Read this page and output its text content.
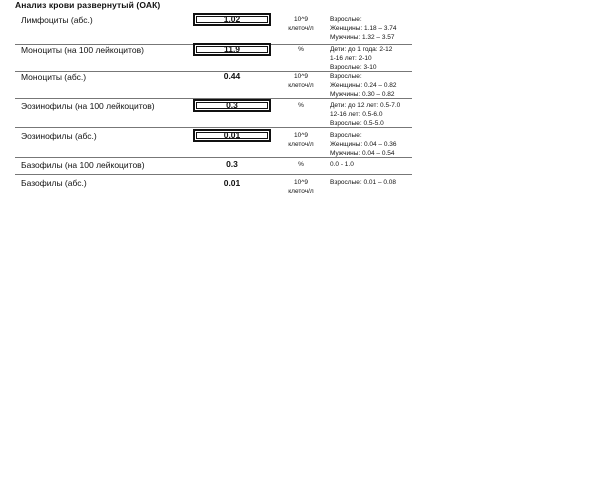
Анализ крови развернутый (ОАК)
Лимфоциты (абс.)	1.02	10^9 клеточ/л
Взрослые:
Женщины: 1.18 – 3.74
Мужчины: 1.32 – 3.57
Моноциты (на 100 лейкоцитов)	11.9	%	Дети: до 1 года: 2-12
1-16 лет: 2-10
Взрослые: 3-10
Моноциты (абс.)	0.44	10^9 клеточ/л
Взрослые:
Женщины: 0.24 – 0.82
Мужчины: 0.30 – 0.82
Эозинофилы (на 100 лейкоцитов)	0.3	%	Дети: до 12 лет: 0.5-7.0
12-16 лет: 0.5-6.0
Взрослые: 0.5-5.0
Эозинофилы (абс.)	0.01	10^9 клеточ/л
Взрослые:
Женщины: 0.04 – 0.36
Мужчины: 0.04 – 0.54
Базофилы (на 100 лейкоцитов)	0.3	%	0.0 - 1.0
Базофилы (абс.)	0.01	10^9 клеточ/л
Взрослые: 0.01 – 0.08
